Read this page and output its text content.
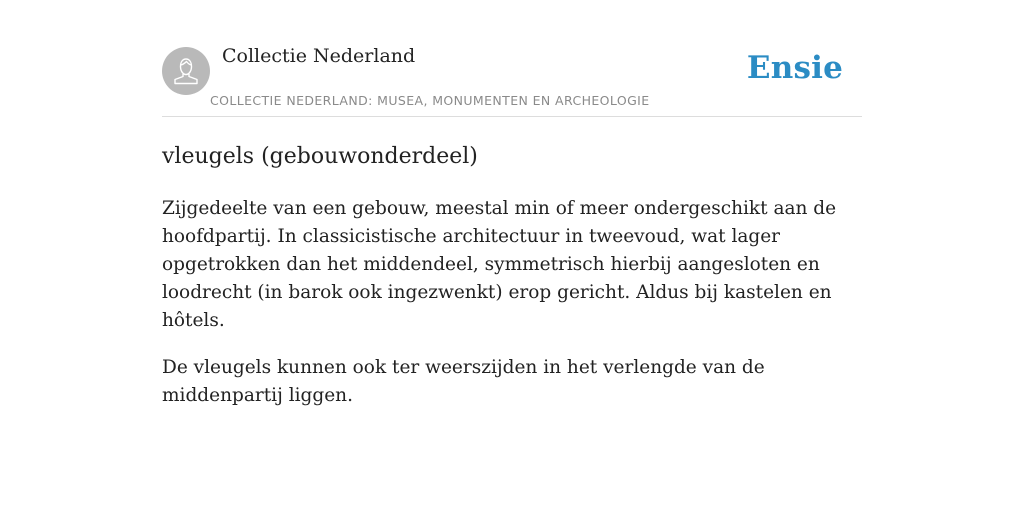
Collectie Nederland
COLLECTIE NEDERLAND: MUSEA, MONUMENTEN EN ARCHEOLOGIE
Ensie
vleugels (gebouwonderdeel)

Zijgedeelte van een gebouw, meestal min of meer ondergeschikt aan de hoofdpartij. In classicistische architectuur in tweevoud, wat lager opgetrokken dan het middendeel, symmetrisch hierbij aangesloten en loodrecht (in barok ook ingezwenkt) erop gericht. Aldus bij kastelen en hôtels.

De vleugels kunnen ook ter weerszijden in het verlengde van de middenpartij liggen.
